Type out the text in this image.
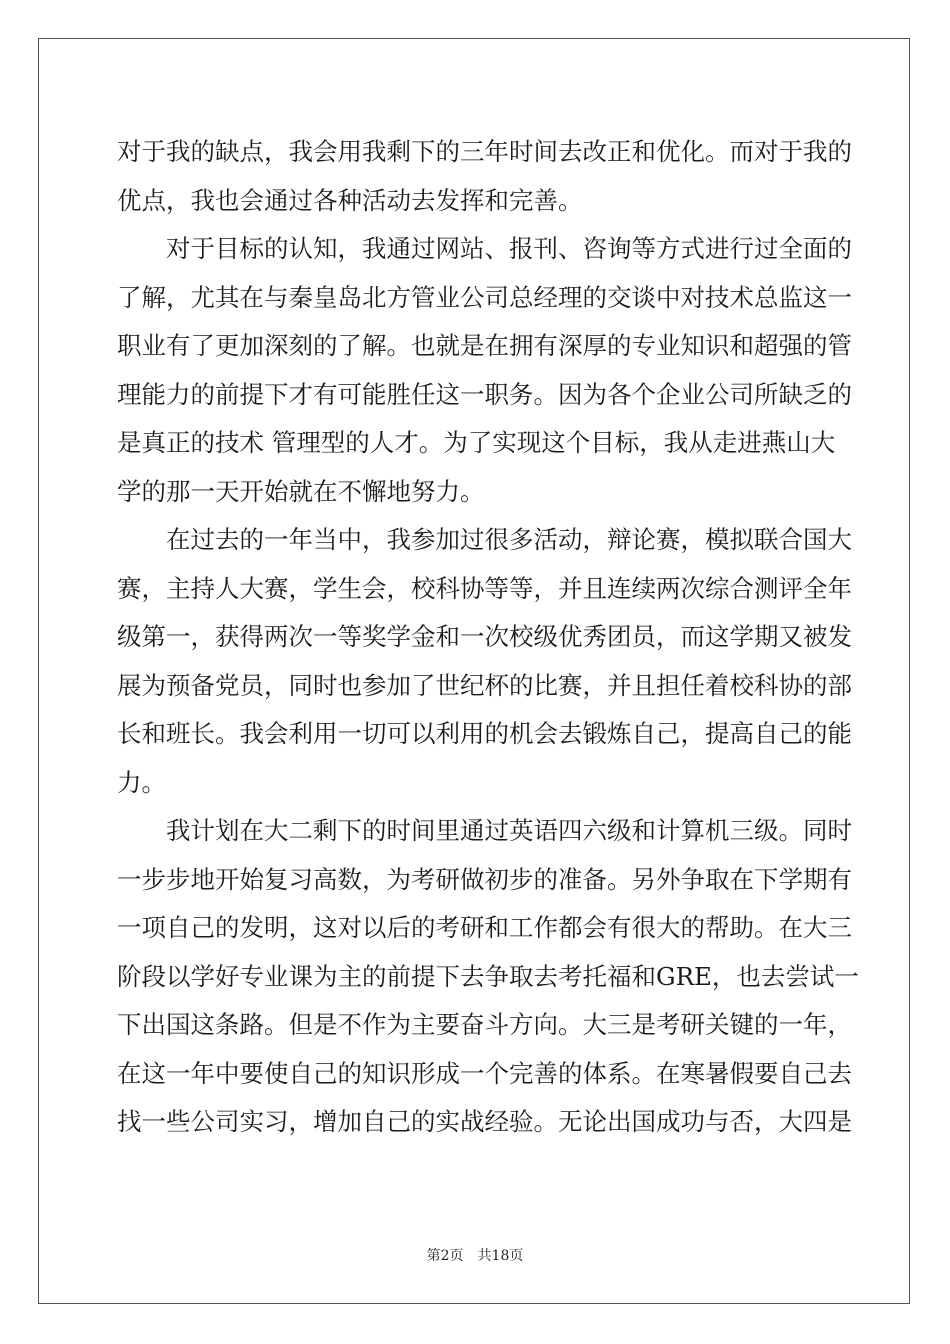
对于我的缺点，我会用我剩下的三年时间去改正和优化。而对于我的
优点，我也会通过各种活动去发挥和完善。
对于目标的认知，我通过网站、报刊、咨询等方式进行过全面的
了解，尤其在与秦皇岛北方管业公司总经理的交谈中对技术总监这一
职业有了更加深刻的了解。也就是在拥有深厚的专业知识和超强的管
理能力的前提下才有可能胜任这一职务。因为各个企业公司所缺乏的
是真正的技术 管理型的人才。为了实现这个目标，我从走进燕山大
学的那一天开始就在不懈地努力。
在过去的一年当中，我参加过很多活动，辩论赛，模拟联合国大
赛，主持人大赛，学生会，校科协等等，并且连续两次综合测评全年
级第一，获得两次一等奖学金和一次校级优秀团员，而这学期又被发
展为预备党员，同时也参加了世纪杯的比赛，并且担任着校科协的部
长和班长。我会利用一切可以利用的机会去锻炼自己，提高自己的能
力。
我计划在大二剩下的时间里通过英语四六级和计算机三级。同时
一步步地开始复习高数，为考研做初步的准备。另外争取在下学期有
一项自己的发明，这对以后的考研和工作都会有很大的帮助。在大三
阶段以学好专业课为主的前提下去争取去考托福和GRE，也去尝试一
下出国这条路。但是不作为主要奋斗方向。大三是考研关键的一年，
在这一年中要使自己的知识形成一个完善的体系。在寒暑假要自己去
找一些公司实习，增加自己的实战经验。无论出国成功与否，大四是
第2页 共18页
